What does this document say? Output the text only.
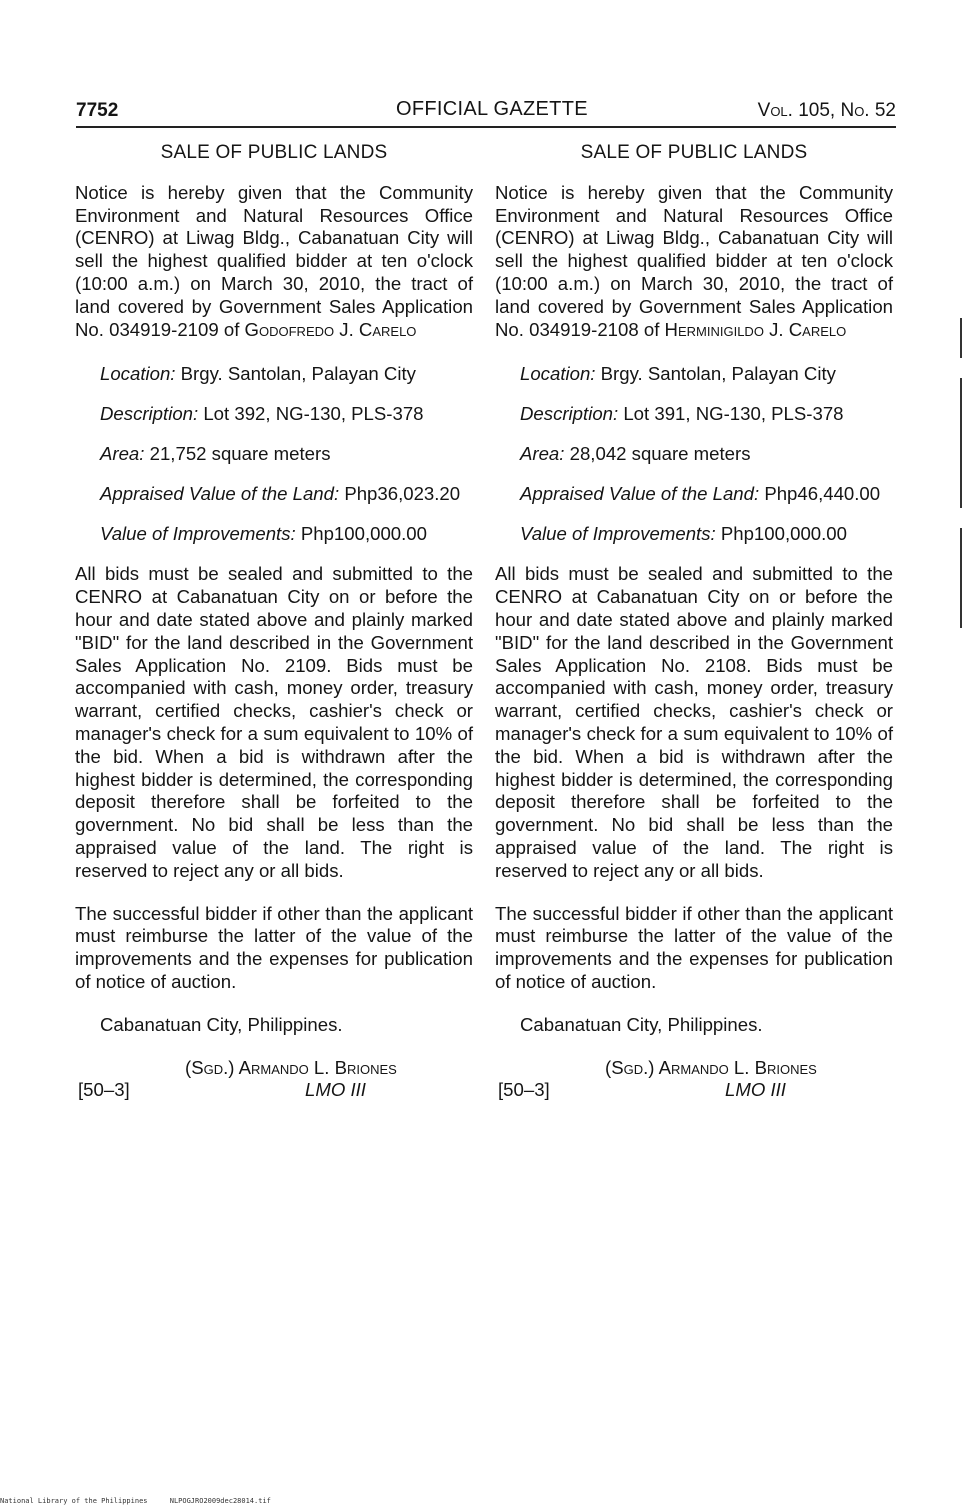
7752	OFFICIAL GAZETTE	Vol. 105, No. 52
SALE OF PUBLIC LANDS

Notice is hereby given that the Community Environment and Natural Resources Office (CENRO) at Liwag Bldg., Cabanatuan City will sell the highest qualified bidder at ten o'clock (10:00 a.m.) on March 30, 2010, the tract of land covered by Government Sales Application No. 034919-2109 of Godofredo J. Carelo

Location: Brgy. Santolan, Palayan City
Description: Lot 392, NG-130, PLS-378
Area: 21,752 square meters
Appraised Value of the Land: Php36,023.20
Value of Improvements: Php100,000.00

All bids must be sealed and submitted to the CENRO at Cabanatuan City on or before the hour and date stated above and plainly marked "BID" for the land described in the Government Sales Application No. 2109. Bids must be accompanied with cash, money order, treasury warrant, certified checks, cashier's check or manager's check for a sum equivalent to 10% of the bid. When a bid is withdrawn after the highest bidder is determined, the corresponding deposit therefore shall be forfeited to the government. No bid shall be less than the appraised value of the land. The right is reserved to reject any or all bids.

The successful bidder if other than the applicant must reimburse the latter of the value of the improvements and the expenses for publication of notice of auction.

Cabanatuan City, Philippines.
(Sgd.) Armando L. Briones
[50–3]	LMO III
SALE OF PUBLIC LANDS

Notice is hereby given that the Community Environment and Natural Resources Office (CENRO) at Liwag Bldg., Cabanatuan City will sell the highest qualified bidder at ten o'clock (10:00 a.m.) on March 30, 2010, the tract of land covered by Government Sales Application No. 034919-2108 of Herminigildo J. Carelo

Location: Brgy. Santolan, Palayan City
Description: Lot 391, NG-130, PLS-378
Area: 28,042 square meters
Appraised Value of the Land: Php46,440.00
Value of Improvements: Php100,000.00

All bids must be sealed and submitted to the CENRO at Cabanatuan City on or before the hour and date stated above and plainly marked "BID" for the land described in the Government Sales Application No. 2108. Bids must be accompanied with cash, money order, treasury warrant, certified checks, cashier's check or manager's check for a sum equivalent to 10% of the bid. When a bid is withdrawn after the highest bidder is determined, the corresponding deposit therefore shall be forfeited to the government. No bid shall be less than the appraised value of the land. The right is reserved to reject any or all bids.

The successful bidder if other than the applicant must reimburse the latter of the value of the improvements and the expenses for publication of notice of auction.

Cabanatuan City, Philippines.
(Sgd.) Armando L. Briones
[50–3]	LMO III
National Library of the Philippines	NLPOGJRO2009dec28014.tif
